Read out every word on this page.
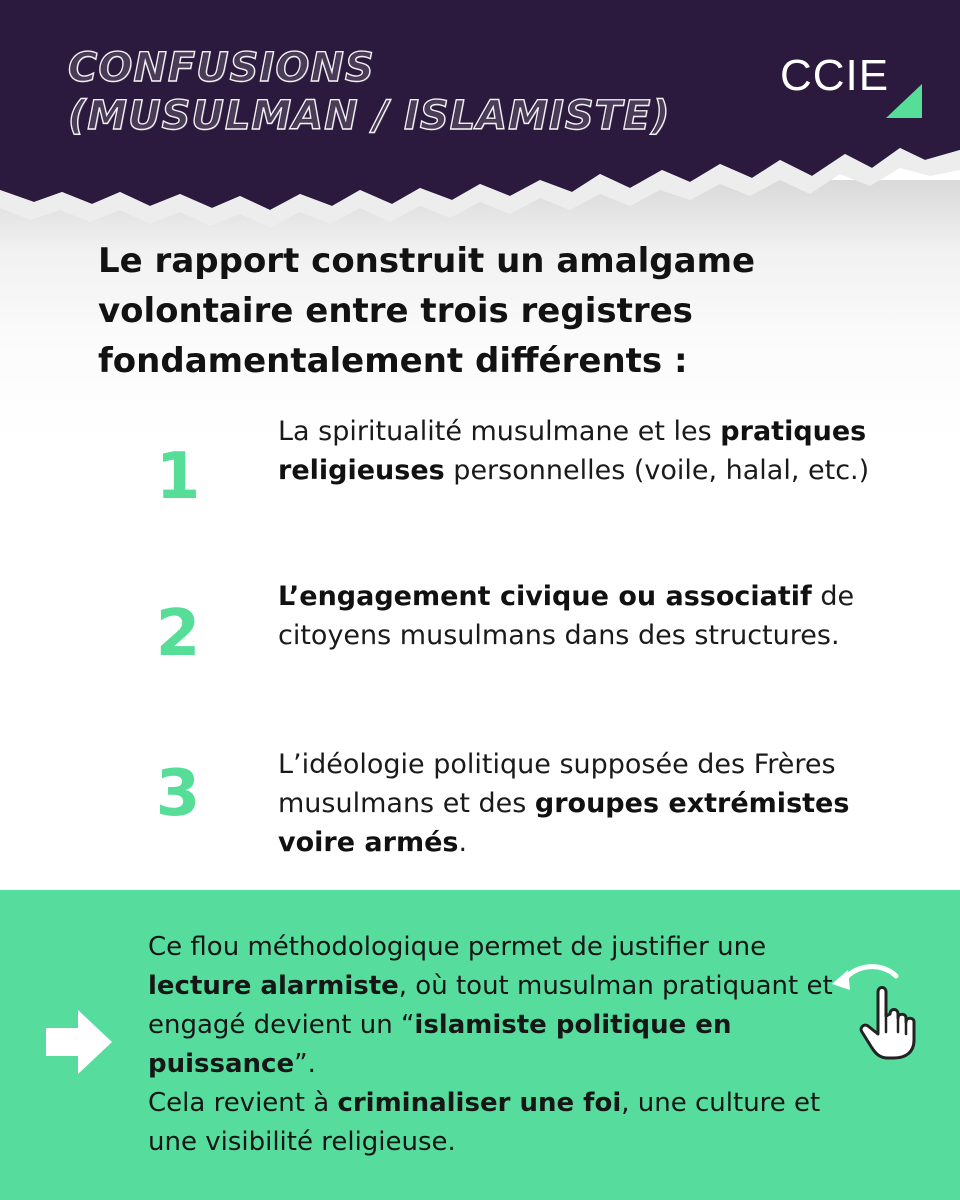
CONFUSIONS
(MUSULMAN / ISLAMISTE)
CCIE

Le rapport construit un amalgame volontaire entre trois registres fondamentalement différents :

1
La spiritualité musulmane et les pratiques religieuses personnelles (voile, halal, etc.)
2
L’engagement civique ou associatif de citoyens musulmans dans des structures.
3	L’idéologie politique supposée des Frères musulmans et des groupes extrémistes voire armés.

Ce flou méthodologique permet de justifier une lecture alarmiste, où tout musulman pratiquant et engagé devient un “islamiste politique en puissance”.
Cela revient à criminaliser une foi, une culture et une visibilité religieuse.
